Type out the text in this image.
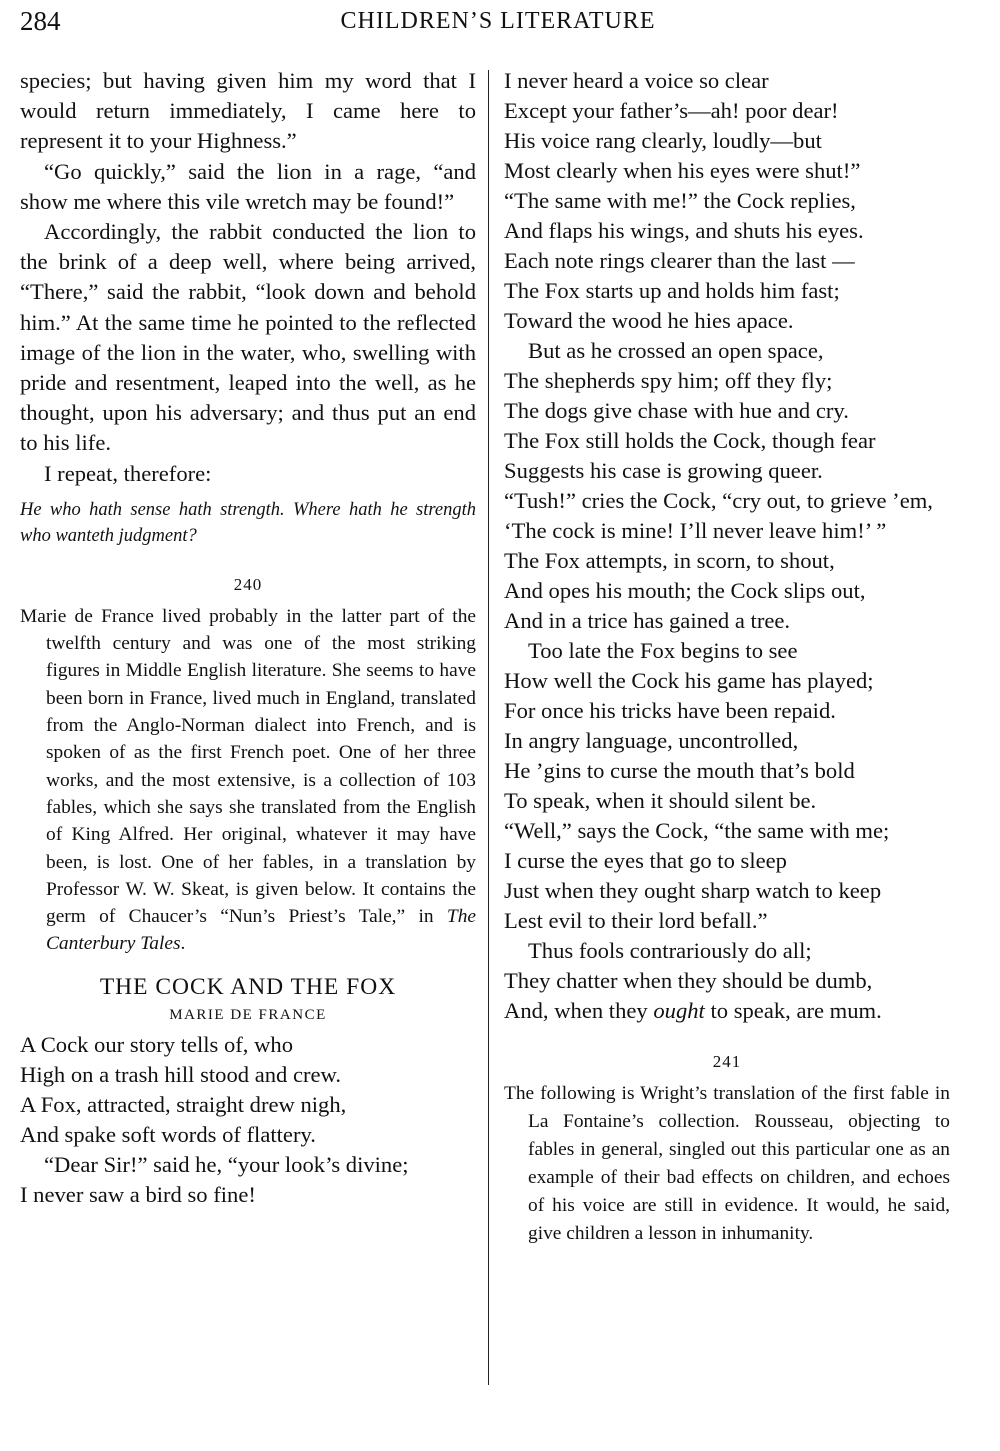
284	CHILDREN’S LITERATURE

species; but having given him my word that I would return immediately, I came here to represent it to your Highness.”

“Go quickly,” said the lion in a rage, “and show me where this vile wretch may be found!”

Accordingly, the rabbit conducted the lion to the brink of a deep well, where being arrived, “There,” said the rabbit, “look down and behold him.” At the same time he pointed to the reflected image of the lion in the water, who, swelling with pride and resentment, leaped into the well, as he thought, upon his adversary; and thus put an end to his life.

I repeat, therefore:

He who hath sense hath strength. Where hath he strength who wanteth judgment?

240

Marie de France lived probably in the latter part of the twelfth century and was one of the most striking figures in Middle English literature. She seems to have been born in France, lived much in England, translated from the Anglo-Norman dialect into French, and is spoken of as the first French poet. One of her three works, and the most extensive, is a collection of 103 fables, which she says she translated from the English of King Alfred. Her original, whatever it may have been, is lost. One of her fables, in a translation by Professor W. W. Skeat, is given below. It contains the germ of Chaucer’s “Nun’s Priest’s Tale,” in The Canterbury Tales.

THE COCK AND THE FOX
MARIE DE FRANCE
A Cock our story tells of, who
High on a trash hill stood and crew.
A Fox, attracted, straight drew nigh,
And spake soft words of flattery.
“Dear Sir!” said he, “your look’s divine;
I never saw a bird so fine!
I never heard a voice so clear
Except your father’s—ah! poor dear!
His voice rang clearly, loudly—but
Most clearly when his eyes were shut!”
“The same with me!” the Cock replies,
And flaps his wings, and shuts his eyes.
Each note rings clearer than the last —
The Fox starts up and holds him fast;
Toward the wood he hies apace.
But as he crossed an open space,
The shepherds spy him; off they fly;
The dogs give chase with hue and cry.
The Fox still holds the Cock, though fear
Suggests his case is growing queer.
“Tush!” cries the Cock, “cry out, to grieve ’em,
‘The cock is mine! I’ll never leave him!’ ”
The Fox attempts, in scorn, to shout,
And opes his mouth; the Cock slips out,
And in a trice has gained a tree.
Too late the Fox begins to see
How well the Cock his game has played;
For once his tricks have been repaid.
In angry language, uncontrolled,
He ’gins to curse the mouth that’s bold
To speak, when it should silent be.
“Well,” says the Cock, “the same with me;
I curse the eyes that go to sleep
Just when they ought sharp watch to keep
Lest evil to their lord befall.”
Thus fools contrariously do all;
They chatter when they should be dumb,
And, when they ought to speak, are mum.
241

The following is Wright’s translation of the first fable in La Fontaine’s collection. Rousseau, objecting to fables in general, singled out this particular one as an example of their bad effects on children, and echoes of his voice are still in evidence. It would, he said, give children a lesson in inhumanity.
